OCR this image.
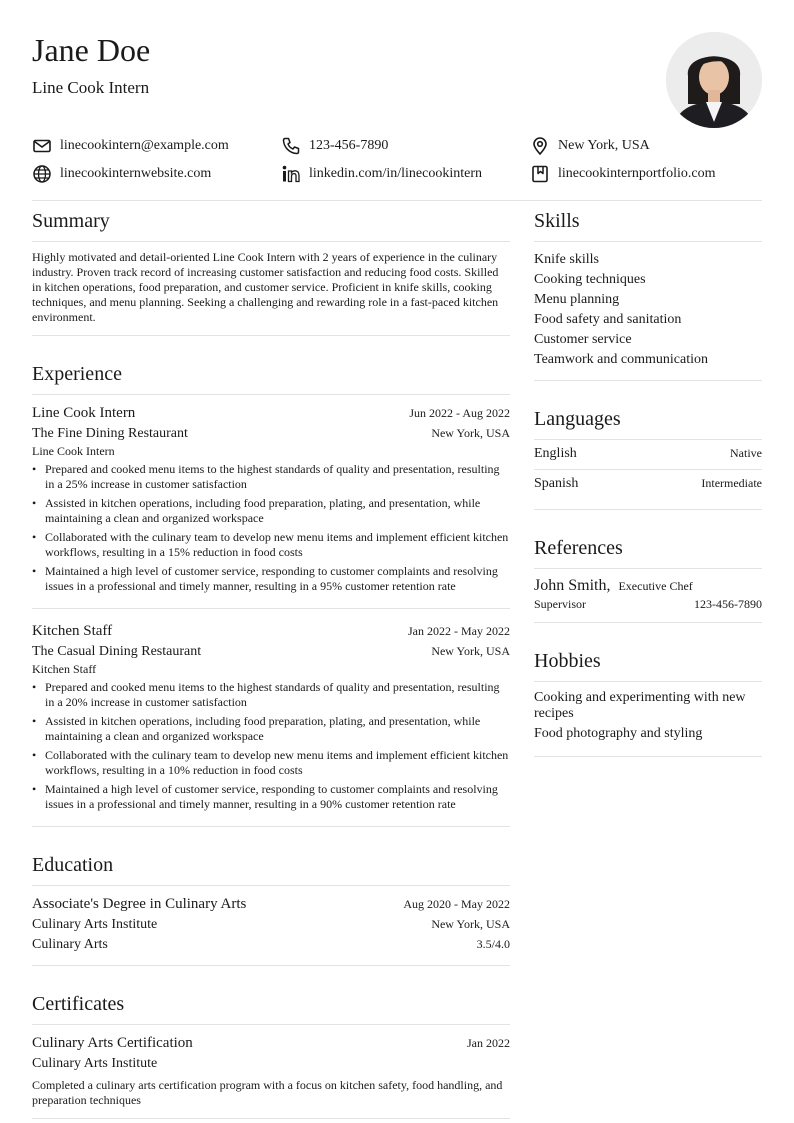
Jane Doe
Line Cook Intern
linecookintern@example.com	123-456-7890	New York, USA
linecookinternwebsite.com	linkedin.com/in/linecookintern	linecookinternportfolio.com
Summary
Highly motivated and detail-oriented Line Cook Intern with 2 years of experience in the culinary industry. Proven track record of increasing customer satisfaction and reducing food costs. Skilled in kitchen operations, food preparation, and customer service. Proficient in knife skills, cooking techniques, and menu planning. Seeking a challenging and rewarding role in a fast-paced kitchen environment.
Experience
Line Cook Intern	Jun 2022 - Aug 2022
The Fine Dining Restaurant	New York, USA
Line Cook Intern
• Prepared and cooked menu items to the highest standards of quality and presentation, resulting in a 25% increase in customer satisfaction
• Assisted in kitchen operations, including food preparation, plating, and presentation, while maintaining a clean and organized workspace
• Collaborated with the culinary team to develop new menu items and implement efficient kitchen workflows, resulting in a 15% reduction in food costs
• Maintained a high level of customer service, responding to customer complaints and resolving issues in a professional and timely manner, resulting in a 95% customer retention rate
Kitchen Staff	Jan 2022 - May 2022
The Casual Dining Restaurant	New York, USA
Kitchen Staff
• Prepared and cooked menu items to the highest standards of quality and presentation, resulting in a 20% increase in customer satisfaction
• Assisted in kitchen operations, including food preparation, plating, and presentation, while maintaining a clean and organized workspace
• Collaborated with the culinary team to develop new menu items and implement efficient kitchen workflows, resulting in a 10% reduction in food costs
• Maintained a high level of customer service, responding to customer complaints and resolving issues in a professional and timely manner, resulting in a 90% customer retention rate
Education
Associate's Degree in Culinary Arts	Aug 2020 - May 2022
Culinary Arts Institute	New York, USA
Culinary Arts	3.5/4.0
Certificates
Culinary Arts Certification	Jan 2022
Culinary Arts Institute
Completed a culinary arts certification program with a focus on kitchen safety, food handling, and preparation techniques
Skills
Knife skills
Cooking techniques
Menu planning
Food safety and sanitation
Customer service
Teamwork and communication
Languages
English	Native
Spanish	Intermediate
References
John Smith, Executive Chef
Supervisor	123-456-7890
Hobbies
Cooking and experimenting with new recipes
Food photography and styling
